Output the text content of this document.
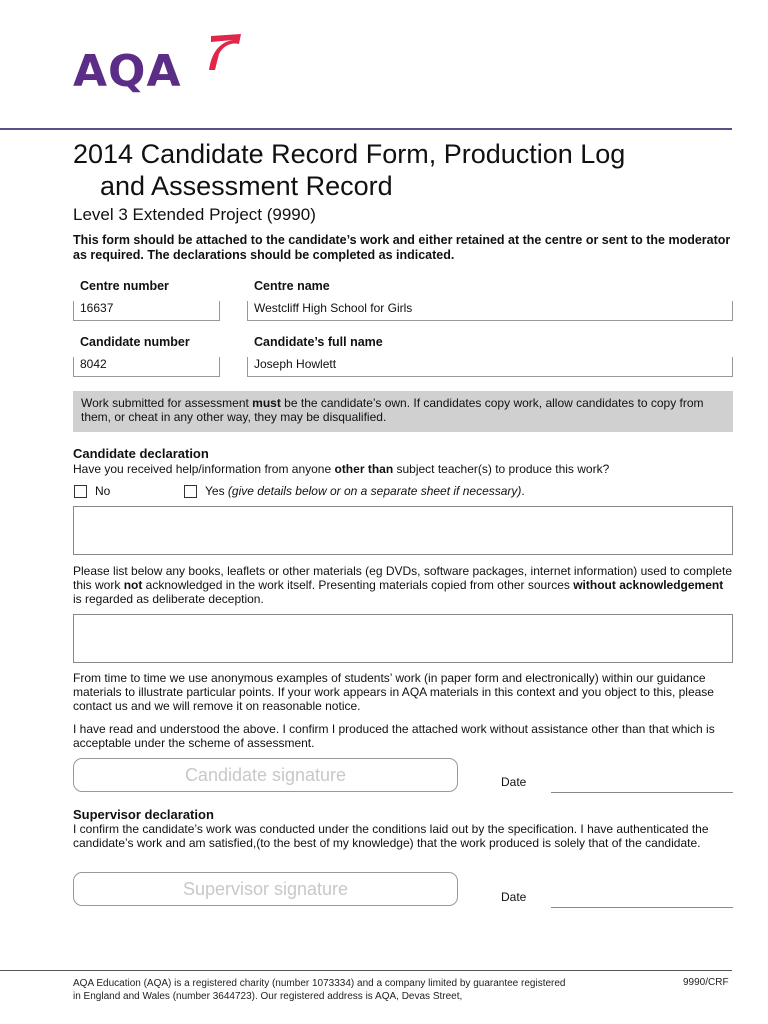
AQA
2014 Candidate Record Form, Production Log
and Assessment Record
Level 3 Extended Project (9990)
This form should be attached to the candidate’s work and either retained at the centre or sent to the moderator as required. The declarations should be completed as indicated.
Centre number
16637
Centre name
Westcliff High School for Girls
Candidate number
8042
Candidate’s full name
Joseph Howlett
Work submitted for assessment must be the candidate’s own. If candidates copy work, allow candidates to copy from them, or cheat in any other way, they may be disqualified.
Candidate declaration
Have you received help/information from anyone other than subject teacher(s) to produce this work?
No	Yes
(give details below or on a separate sheet if necessary) .
Please list below any books, leaflets or other materials (eg DVDs, software packages, internet information) used to complete this work not acknowledged in the work itself. Presenting materials copied from other sources without acknowledgement is regarded as deliberate deception.
From time to time we use anonymous examples of students’ work (in paper form and electronically) within our guidance materials to illustrate particular points. If your work appears in AQA materials in this context and you object to this, please contact us and we will remove it on reasonable notice.
I have read and understood the above. I confirm I produced the attached work without assistance other than that which is acceptable under the scheme of assessment.
Candidate signature	Date
Supervisor declaration
I confirm the candidate’s work was conducted under the conditions laid out by the specification. I have authenticated the candidate’s work and am satisfied,(to the best of my knowledge) that the work produced is solely that of the candidate.
Supervisor signature	Date
AQA Education (AQA) is a registered charity (number 1073334) and a company limited by guarantee registered in England and Wales (number 3644723). Our registered address is AQA, Devas Street,
9990/CRF
